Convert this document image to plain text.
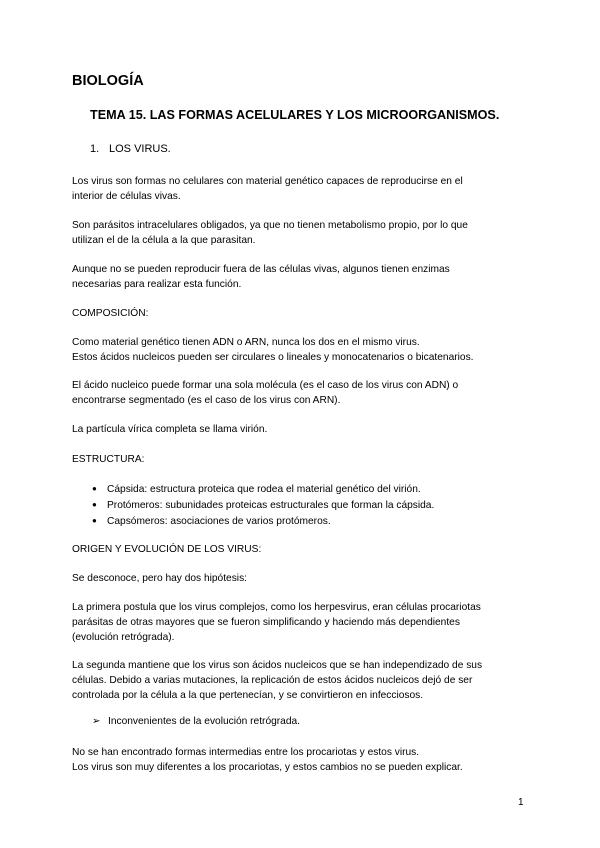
BIOLOGÍA
TEMA 15. LAS FORMAS ACELULARES Y LOS MICROORGANISMOS.
1. LOS VIRUS.
Los virus son formas no celulares con material genético capaces de reproducirse en el
interior de células vivas.
Son parásitos intracelulares obligados, ya que no tienen metabolismo propio, por lo que
utilizan el de la célula a la que parasitan.
Aunque no se pueden reproducir fuera de las células vivas, algunos tienen enzimas
necesarias para realizar esta función.
COMPOSICIÓN:
Como material genético tienen ADN o ARN, nunca los dos en el mismo virus.
Estos ácidos nucleicos pueden ser circulares o lineales y monocatenarios o bicatenarios.
El ácido nucleico puede formar una sola molécula (es el caso de los virus con ADN) o
encontrarse segmentado (es el caso de los virus con ARN).
La partícula vírica completa se llama virión.
ESTRUCTURA:
● Cápsida: estructura proteica que rodea el material genético del virión.
● Protómeros: subunidades proteicas estructurales que forman la cápsida.
● Capsómeros: asociaciones de varios protómeros.
ORIGEN Y EVOLUCIÓN DE LOS VIRUS:
Se desconoce, pero hay dos hipótesis:
La primera postula que los virus complejos, como los herpesvirus, eran células procariotas
parásitas de otras mayores que se fueron simplificando y haciendo más dependientes
(evolución retrógrada).
La segunda mantiene que los virus son ácidos nucleicos que se han independizado de sus
células. Debido a varias mutaciones, la replicación de estos ácidos nucleicos dejó de ser
controlada por la célula a la que pertenecían, y se convirtieron en infecciosos.
➢ Inconvenientes de la evolución retrógrada.
No se han encontrado formas intermedias entre los procariotas y estos virus.
Los virus son muy diferentes a los procariotas, y estos cambios no se pueden explicar.
1
